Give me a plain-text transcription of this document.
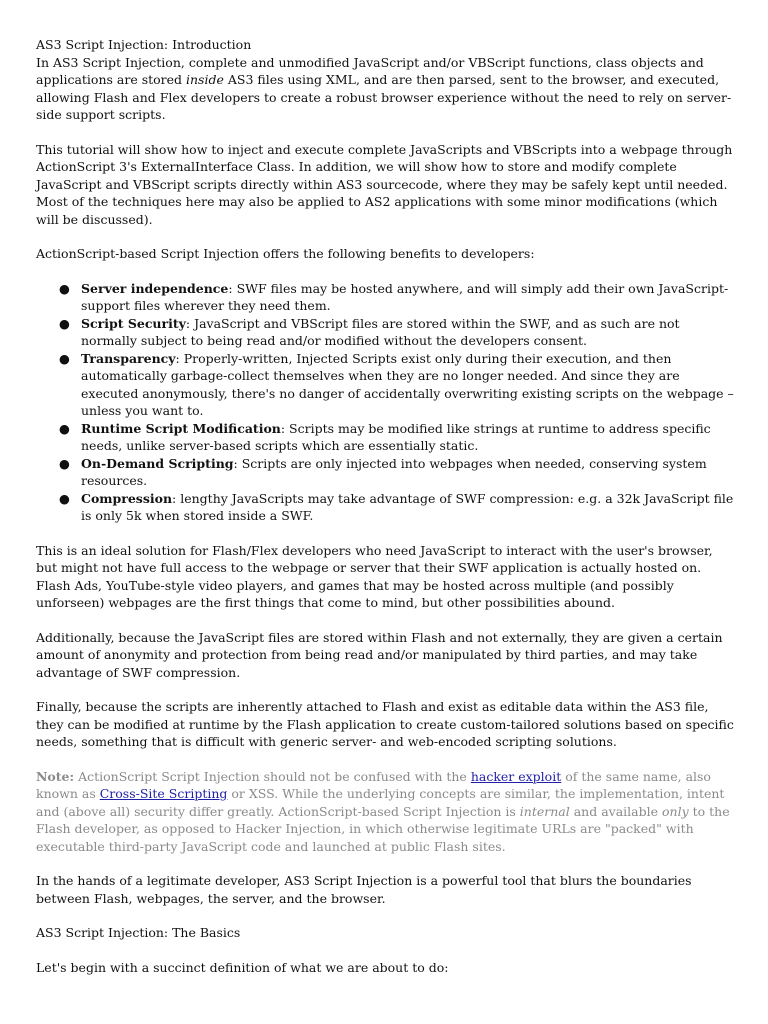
AS3 Script Injection: Introduction

In AS3 Script Injection, complete and unmodified JavaScript and/or VBScript functions, class objects and applications are stored inside AS3 files using XML, and are then parsed, sent to the browser, and executed, allowing Flash and Flex developers to create a robust browser experience without the need to rely on server-side support scripts.

This tutorial will show how to inject and execute complete JavaScripts and VBScripts into a webpage through ActionScript 3's ExternalInterface Class. In addition, we will show how to store and modify complete JavaScript and VBScript scripts directly within AS3 sourcecode, where they may be safely kept until needed. Most of the techniques here may also be applied to AS2 applications with some minor modifications (which will be discussed).

ActionScript-based Script Injection offers the following benefits to developers:

● Server independence: SWF files may be hosted anywhere, and will simply add their own JavaScript-support files wherever they need them.
● Script Security: JavaScript and VBScript files are stored within the SWF, and as such are not normally subject to being read and/or modified without the developers consent.
● Transparency: Properly-written, Injected Scripts exist only during their execution, and then automatically garbage-collect themselves when they are no longer needed. And since they are executed anonymously, there's no danger of accidentally overwriting existing scripts on the webpage – unless you want to.
● Runtime Script Modification: Scripts may be modified like strings at runtime to address specific needs, unlike server-based scripts which are essentially static.
● On-Demand Scripting: Scripts are only injected into webpages when needed, conserving system resources.
● Compression: lengthy JavaScripts may take advantage of SWF compression: e.g. a 32k JavaScript file is only 5k when stored inside a SWF.

This is an ideal solution for Flash/Flex developers who need JavaScript to interact with the user's browser, but might not have full access to the webpage or server that their SWF application is actually hosted on. Flash Ads, YouTube-style video players, and games that may be hosted across multiple (and possibly unforseen) webpages are the first things that come to mind, but other possibilities abound.

Additionally, because the JavaScript files are stored within Flash and not externally, they are given a certain amount of anonymity and protection from being read and/or manipulated by third parties, and may take advantage of SWF compression.

Finally, because the scripts are inherently attached to Flash and exist as editable data within the AS3 file, they can be modified at runtime by the Flash application to create custom-tailored solutions based on specific needs, something that is difficult with generic server- and web-encoded scripting solutions.

Note: ActionScript Script Injection should not be confused with the hacker exploit of the same name, also known as Cross-Site Scripting or XSS. While the underlying concepts are similar, the implementation, intent and (above all) security differ greatly. ActionScript-based Script Injection is internal and available only to the Flash developer, as opposed to Hacker Injection, in which otherwise legitimate URLs are "packed" with executable third-party JavaScript code and launched at public Flash sites.

In the hands of a legitimate developer, AS3 Script Injection is a powerful tool that blurs the boundaries between Flash, webpages, the server, and the browser.

AS3 Script Injection: The Basics

Let's begin with a succinct definition of what we are about to do:
